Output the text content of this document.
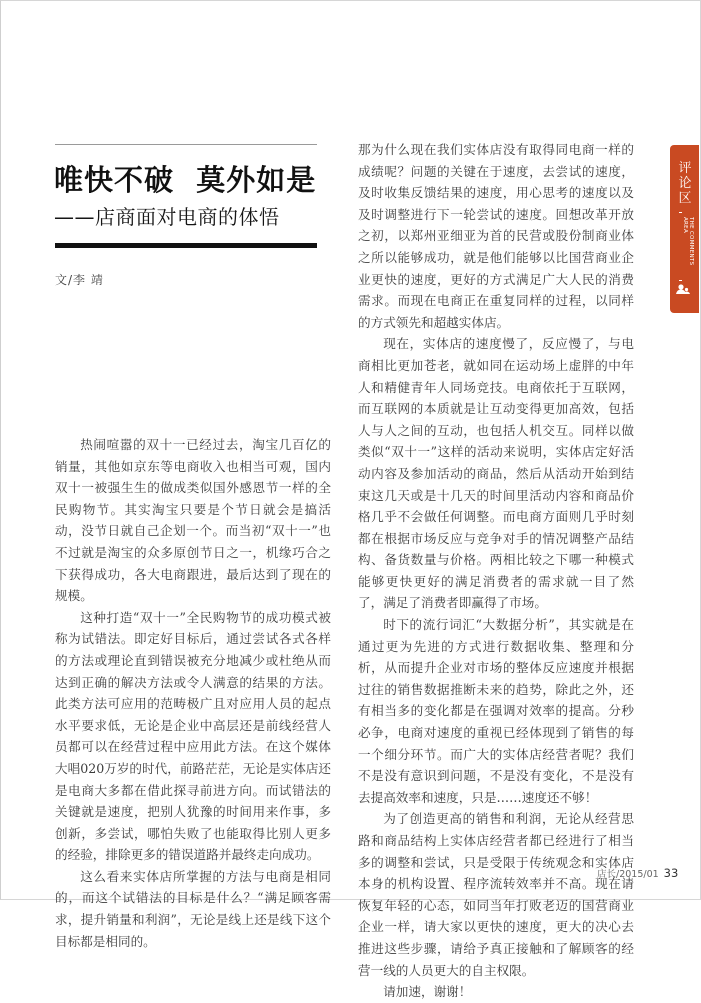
唯快不破  莫外如是
——店商面对电商的体悟
文/李 靖

热闹喧嚣的双十一已经过去，淘宝几百亿的销量，其他如京东等电商收入也相当可观，国内双十一被强生生的做成类似国外感恩节一样的全民购物节。其实淘宝只要是个节日就会是搞活动，没节日就自己企划一个。而当初“双十一”也不过就是淘宝的众多原创节日之一，机缘巧合之下获得成功，各大电商跟进，最后达到了现在的规模。

这种打造“双十一”全民购物节的成功模式被称为试错法。即定好目标后，通过尝试各式各样的方法或理论直到错误被充分地减少或杜绝从而达到正确的解决方法或令人满意的结果的方法。此类方法可应用的范畴极广且对应用人员的起点水平要求低，无论是企业中高层还是前线经营人员都可以在经营过程中应用此方法。在这个媒体大唱020万岁的时代，前路茫茫，无论是实体店还是电商大多都在借此探寻前进方向。而试错法的关键就是速度，把别人犹豫的时间用来作事，多创新，多尝试，哪怕失败了也能取得比别人更多的经验，排除更多的错误道路并最终走向成功。

这么看来实体店所掌握的方法与电商是相同的，而这个试错法的目标是什么？“满足顾客需求，提升销量和利润”，无论是线上还是线下这个目标都是相同的。

那为什么现在我们实体店没有取得同电商一样的成绩呢？问题的关键在于速度，去尝试的速度，及时收集反馈结果的速度，用心思考的速度以及及时调整进行下一轮尝试的速度。回想改革开放之初，以郑州亚细亚为首的民营或股份制商业体之所以能够成功，就是他们能够以比国营商业企业更快的速度，更好的方式满足广大人民的消费需求。而现在电商正在重复同样的过程，以同样的方式领先和超越实体店。

现在，实体店的速度慢了，反应慢了，与电商相比更加苍老，就如同在运动场上虚胖的中年人和精健青年人同场竞技。电商依托于互联网，而互联网的本质就是让互动变得更加高效，包括人与人之间的互动，也包括人机交互。同样以做类似“双十一”这样的活动来说明，实体店定好活动内容及参加活动的商品，然后从活动开始到结束这几天或是十几天的时间里活动内容和商品价格几乎不会做任何调整。而电商方面则几乎时刻都在根据市场反应与竞争对手的情况调整产品结构、备货数量与价格。两相比较之下哪一种模式能够更快更好的满足消费者的需求就一目了然了，满足了消费者即赢得了市场。

时下的流行词汇“大数据分析”，其实就是在通过更为先进的方式进行数据收集、整理和分析，从而提升企业对市场的整体反应速度并根据过往的销售数据推断未来的趋势，除此之外，还有相当多的变化都是在强调对效率的提高。分秒必争，电商对速度的重视已经体现到了销售的每一个细分环节。而广大的实体店经营者呢？我们不是没有意识到问题，不是没有变化，不是没有去提高效率和速度，只是……速度还不够！

为了创造更高的销售和利润，无论从经营思路和商品结构上实体店经营者都已经进行了相当多的调整和尝试，只是受限于传统观念和实体店本身的机构设置、程序流转效率并不高。现在请恢复年轻的心态，如同当年打败老迈的国营商业企业一样，请大家以更快的速度，更大的决心去推进这些步骤，请给予真正接触和了解顾客的经营一线的人员更大的自主权限。

请加速，谢谢！

评论区
THE COMMENTS AREA
店长/2015/01 33
